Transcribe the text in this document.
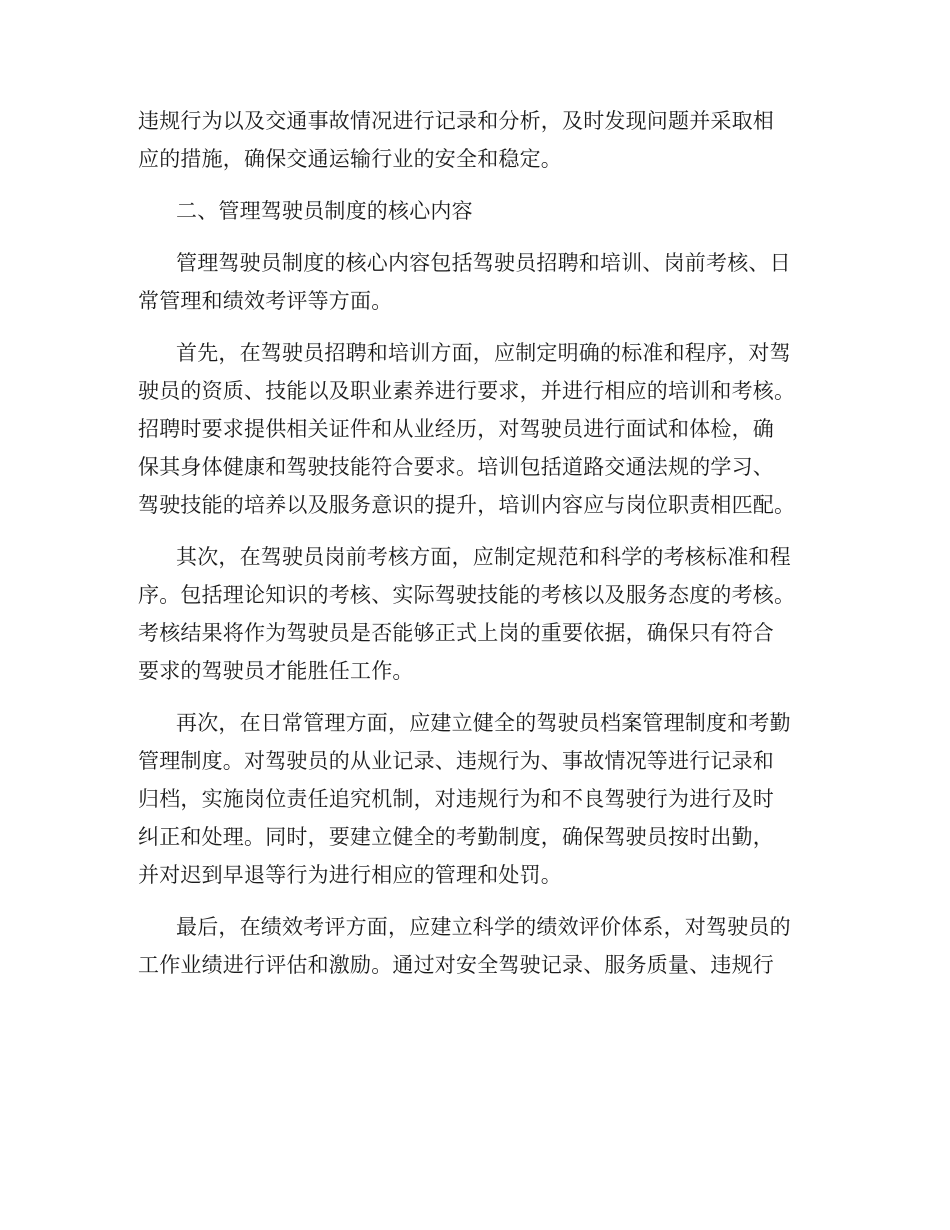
违规行为以及交通事故情况进行记录和分析，及时发现问题并采取相
应的措施，确保交通运输行业的安全和稳定。
二、管理驾驶员制度的核心内容
管理驾驶员制度的核心内容包括驾驶员招聘和培训、岗前考核、日
常管理和绩效考评等方面。
首先，在驾驶员招聘和培训方面，应制定明确的标准和程序，对驾
驶员的资质、技能以及职业素养进行要求，并进行相应的培训和考核。
招聘时要求提供相关证件和从业经历，对驾驶员进行面试和体检，确
保其身体健康和驾驶技能符合要求。培训包括道路交通法规的学习、
驾驶技能的培养以及服务意识的提升，培训内容应与岗位职责相匹配。
其次，在驾驶员岗前考核方面，应制定规范和科学的考核标准和程
序。包括理论知识的考核、实际驾驶技能的考核以及服务态度的考核。
考核结果将作为驾驶员是否能够正式上岗的重要依据，确保只有符合
要求的驾驶员才能胜任工作。
再次，在日常管理方面，应建立健全的驾驶员档案管理制度和考勤
管理制度。对驾驶员的从业记录、违规行为、事故情况等进行记录和
归档，实施岗位责任追究机制，对违规行为和不良驾驶行为进行及时
纠正和处理。同时，要建立健全的考勤制度，确保驾驶员按时出勤，
并对迟到早退等行为进行相应的管理和处罚。
最后，在绩效考评方面，应建立科学的绩效评价体系，对驾驶员的
工作业绩进行评估和激励。通过对安全驾驶记录、服务质量、违规行
